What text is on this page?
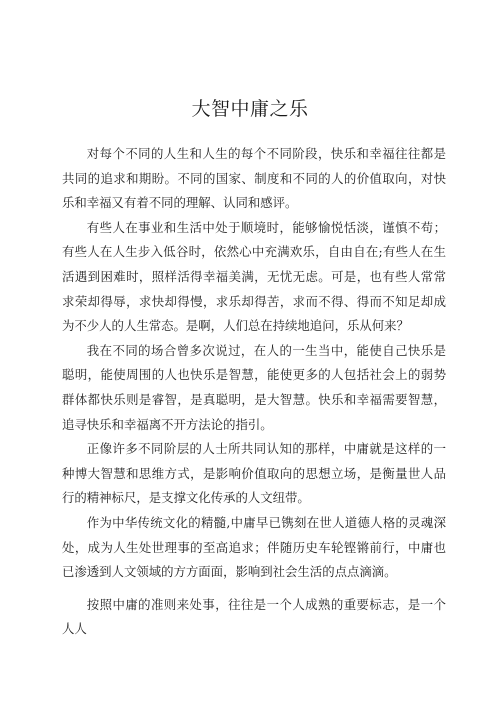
大智中庸之乐

对每个不同的人生和人生的每个不同阶段，快乐和幸福往往都是共同的追求和期盼。不同的国家、制度和不同的人的价值取向，对快乐和幸福又有着不同的理解、认同和感评。

有些人在事业和生活中处于顺境时，能够愉悦恬淡，谨慎不苟；有些人在人生步入低谷时，依然心中充满欢乐，自由自在;有些人在生活遇到困难时，照样活得幸福美满，无忧无虑。可是，也有些人常常求荣却得辱，求快却得慢，求乐却得苦，求而不得、得而不知足却成为不少人的人生常态。是啊，人们总在持续地追问，乐从何来？

我在不同的场合曾多次说过，在人的一生当中，能使自己快乐是聪明，能使周围的人也快乐是智慧，能使更多的人包括社会上的弱势群体都快乐则是睿智，是真聪明，是大智慧。快乐和幸福需要智慧，追寻快乐和幸福离不开方法论的指引。

正像许多不同阶层的人士所共同认知的那样，中庸就是这样的一种博大智慧和思维方式，是影响价值取向的思想立场，是衡量世人品行的精神标尺，是支撑文化传承的人文纽带。

作为中华传统文化的精髓,中庸早已镌刻在世人道德人格的灵魂深处，成为人生处世理事的至高追求；伴随历史车轮铿锵前行，中庸也已渗透到人文领域的方方面面，影响到社会生活的点点滴滴。

按照中庸的准则来处事，往往是一个人成熟的重要标志，是一个人人
